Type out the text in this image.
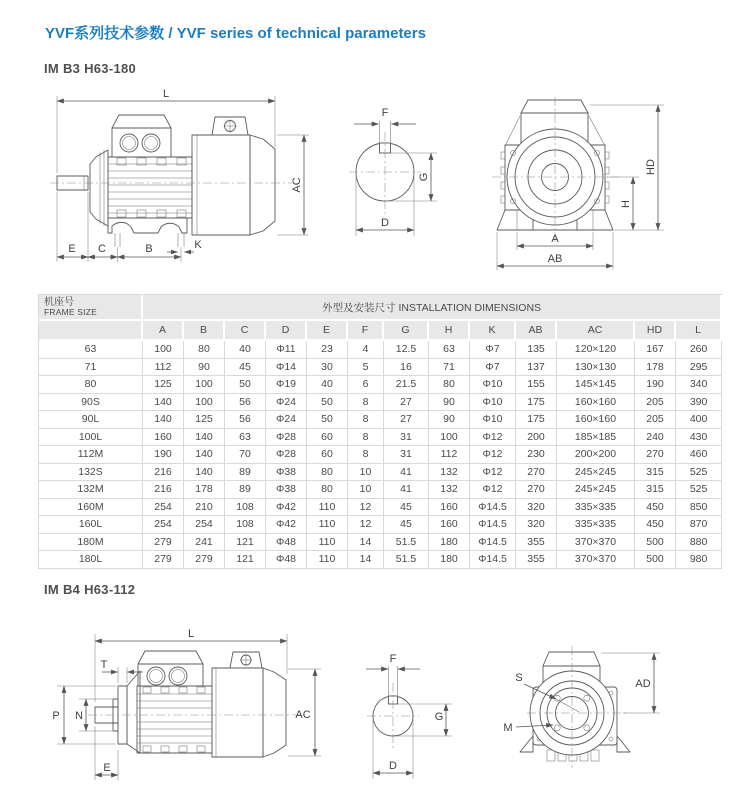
YVF系列技术参数 / YVF series of technical parameters
IM B3 H63-180
IM B4 H63-112
L
AC
E C	B	K
F
G
D
HD
H
A
AB
机座号
FRAME SIZE	外型及安装尺寸 INSTALLATION DIMENSIONS												
	A	B	C	D	E	F	G	H	K	AB	AC	HD	L
63	100	80	40	Φ11	23	4	12.5	63	Φ7	135	120×120	167	260
71	112	90	45	Φ14	30	5	16	71	Φ7	137	130×130	178	295
80	125	100	50	Φ19	40	6	21.5	80	Φ10	155	145×145	190	340
90S	140	100	56	Φ24	50	8	27	90	Φ10	175	160×160	205	390
90L	140	125	56	Φ24	50	8	27	90	Φ10	175	160×160	205	400
100L	160	140	63	Φ28	60	8	31	100	Φ12	200	185×185	240	430
112M	190	140	70	Φ28	60	8	31	112	Φ12	230	200×200	270	460
132S	216	140	89	Φ38	80	10	41	132	Φ12	270	245×245	315	525
132M	216	178	89	Φ38	80	10	41	132	Φ12	270	245×245	315	525
160M	254	210	108	Φ42	110	12	45	160	Φ14.5	320	335×335	450	850
160L	254	254	108	Φ42	110	12	45	160	Φ14.5	320	335×335	450	870
180M	279	241	121	Φ48	110	14	51.5	180	Φ14.5	355	370×370	500	880
180L	279	279	121	Φ48	110	14	51.5	180	Φ14.5	355	370×370	500	980
L
T
P N	AC
E
F
G
D
S
M
AD
